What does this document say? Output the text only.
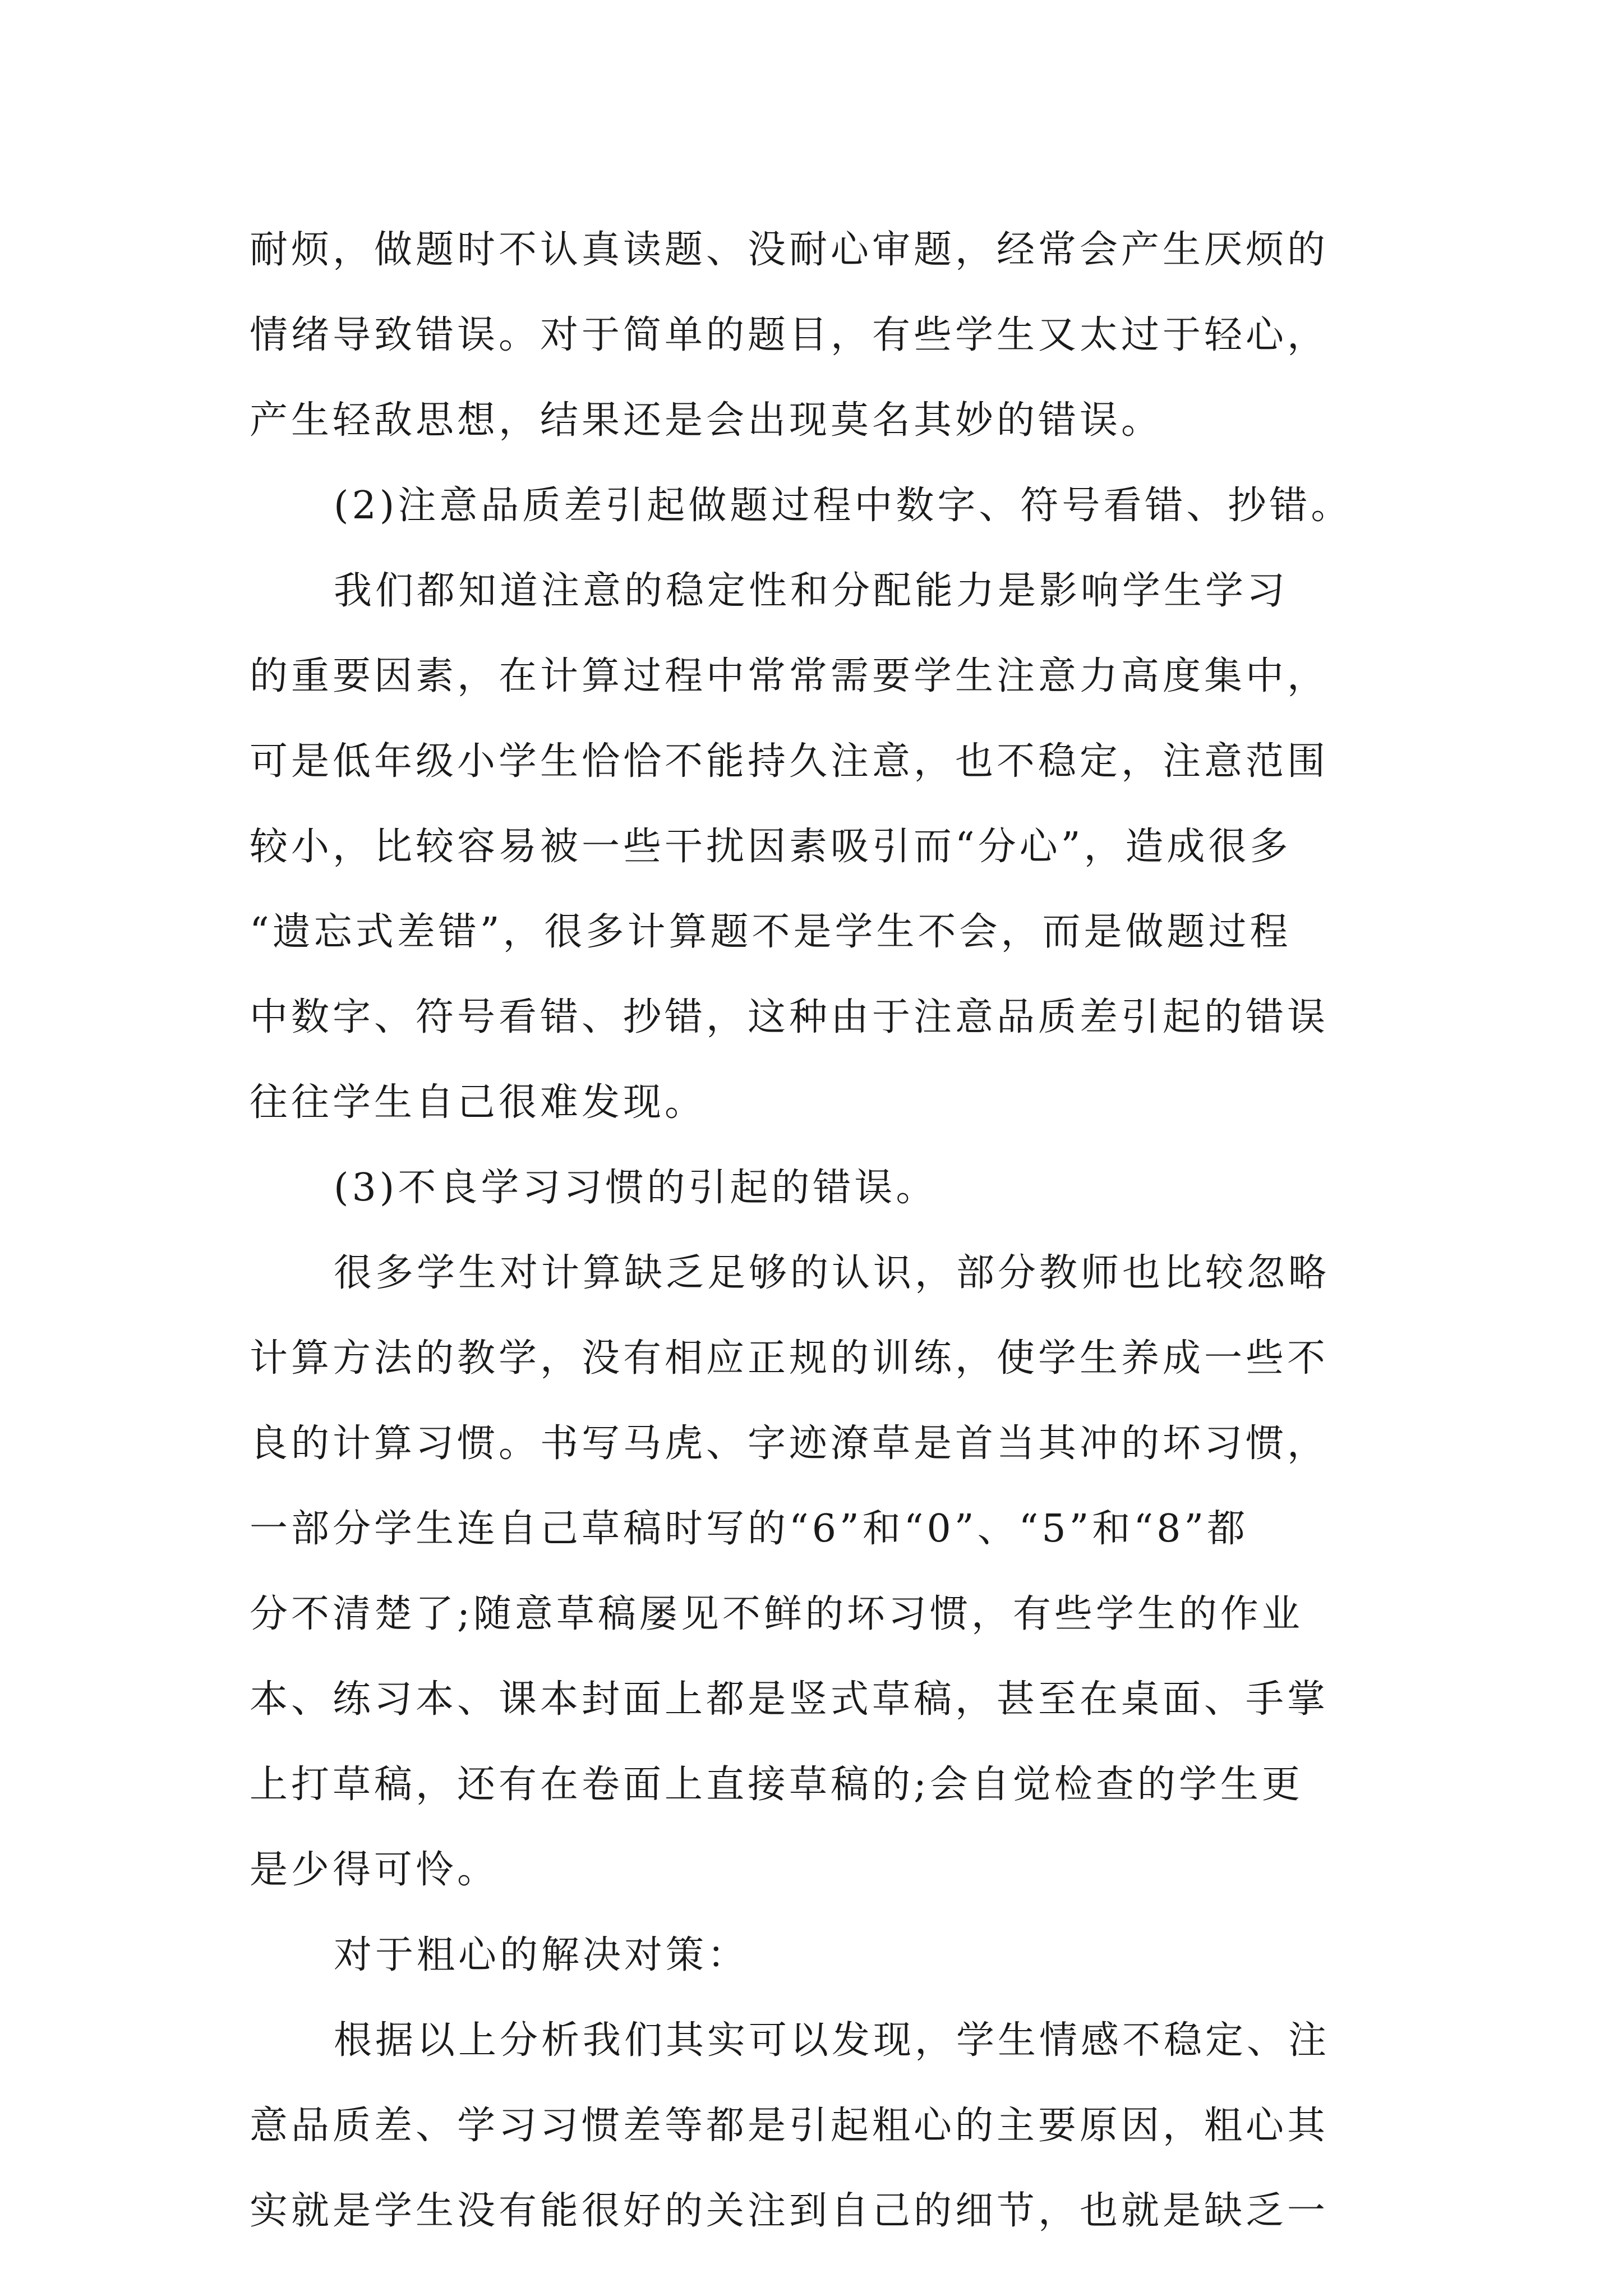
耐烦，做题时不认真读题、没耐心审题，经常会产生厌烦的
情绪导致错误。对于简单的题目，有些学生又太过于轻心，
产生轻敌思想，结果还是会出现莫名其妙的错误。
(2)注意品质差引起做题过程中数字、符号看错、抄错。
我们都知道注意的稳定性和分配能力是影响学生学习
的重要因素，在计算过程中常常需要学生注意力高度集中，
可是低年级小学生恰恰不能持久注意，也不稳定，注意范围
较小，比较容易被一些干扰因素吸引而“分心”，造成很多
“遗忘式差错”，很多计算题不是学生不会，而是做题过程
中数字、符号看错、抄错，这种由于注意品质差引起的错误
往往学生自己很难发现。
(3)不良学习习惯的引起的错误。
很多学生对计算缺乏足够的认识，部分教师也比较忽略
计算方法的教学，没有相应正规的训练，使学生养成一些不
良的计算习惯。书写马虎、字迹潦草是首当其冲的坏习惯，
一部分学生连自己草稿时写的“6”和“0”、“5”和“8”都
分不清楚了;随意草稿屡见不鲜的坏习惯，有些学生的作业
本、练习本、课本封面上都是竖式草稿，甚至在桌面、手掌
上打草稿，还有在卷面上直接草稿的;会自觉检查的学生更
是少得可怜。
对于粗心的解决对策：
根据以上分析我们其实可以发现，学生情感不稳定、注
意品质差、学习习惯差等都是引起粗心的主要原因，粗心其
实就是学生没有能很好的关注到自己的细节，也就是缺乏一
